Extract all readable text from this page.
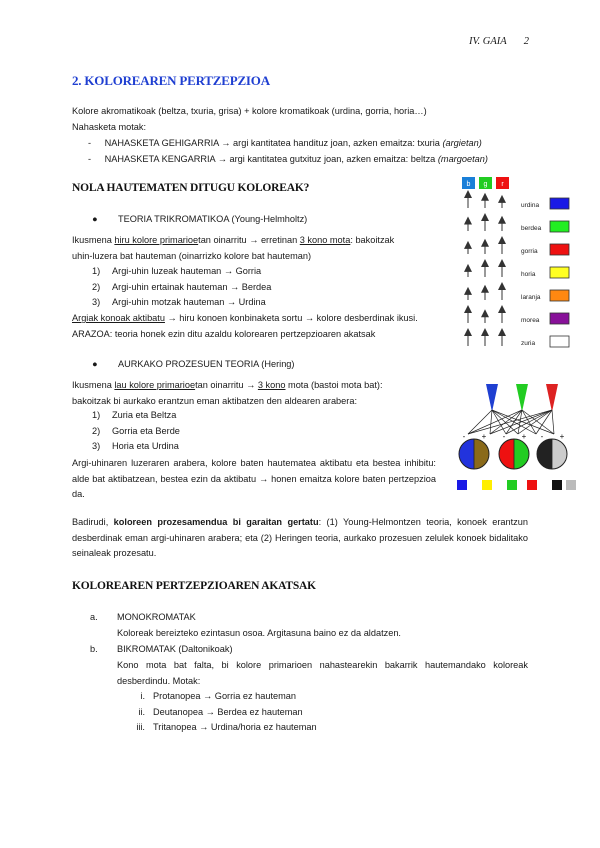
IV. GAIA 2
2. KOLOREAREN PERTZEPZIOA
Kolore akromatikoak (beltza, txuria, grisa) + kolore kromatikoak (urdina, gorria, horia…)
Nahasketa motak:
- NAHASKETA GEHIGARRIA → argi kantitatea handituz joan, azken emaitza: txuria (argietan)
- NAHASKETA KENGARRIA → argi kantitatea gutxituz joan, azken emaitza: beltza (margoetan)
NOLA HAUTEMATEN DITUGU KOLOREAK?
● TEORIA TRIKROMATIKOA (Young-Helmholtz)
Ikusmena hiru kolore primarioetan oinarritu → erretinan 3 kono mota: bakoitzak
uhin-luzera bat hauteman (oinarrizko kolore bat hauteman)
1) Argi-uhin luzeak hauteman → Gorria
2) Argi-uhin ertainak hauteman → Berdea
3) Argi-uhin motzak hauteman → Urdina
Argiak konoak aktibatu → hiru konoen konbinaketa sortu → kolore desberdinak ikusi.
ARAZOA: teoria honek ezin ditu azaldu kolorearen pertzepzioaren akatsak
● AURKAKO PROZESUEN TEORIA (Hering)
Ikusmena lau kolore primarioetan oinarritu → 3 kono mota (bastoi mota bat):
bakoitzak bi aurkako erantzun eman aktibatzen den aldearen arabera:
1) Zuria eta Beltza
2) Gorria eta Berde
3) Horia eta Urdina
Argi-uhinaren luzeraren arabera, kolore baten hautematea aktibatu eta bestea inhibitu: alde bat aktibatzean, bestea ezin da aktibatu → honen emaitza kolore baten pertzepzioa da.
Badirudi, koloreen prozesamendua bi garaitan gertatu: (1) Young-Helmontzen teoria, konoek erantzun desberdinak eman argi-uhinaren arabera; eta (2) Heringen teoria, aurkako prozesuen zelulek konoek bidalitako seinaleak prozesatu.
KOLOREAREN PERTZEPZIOAREN AKATSAK
a. MONOKROMATAK
Koloreak bereizteko ezintasun osoa. Argitasuna baino ez da aldatzen.
b. BIKROMATAK (Daltonikoak)
Kono mota bat falta, bi kolore primarioen nahastearekin bakarrik hautemandako koloreak desberdindu. Motak:
i. Protanopea → Gorria ez hauteman
ii. Deutanopea → Berdea ez hauteman
iii. Tritanopea → Urdina/horia ez hauteman
b g r
urdina
berdea
gorria
horia
laranja
morea
zuria
- + - + - +
